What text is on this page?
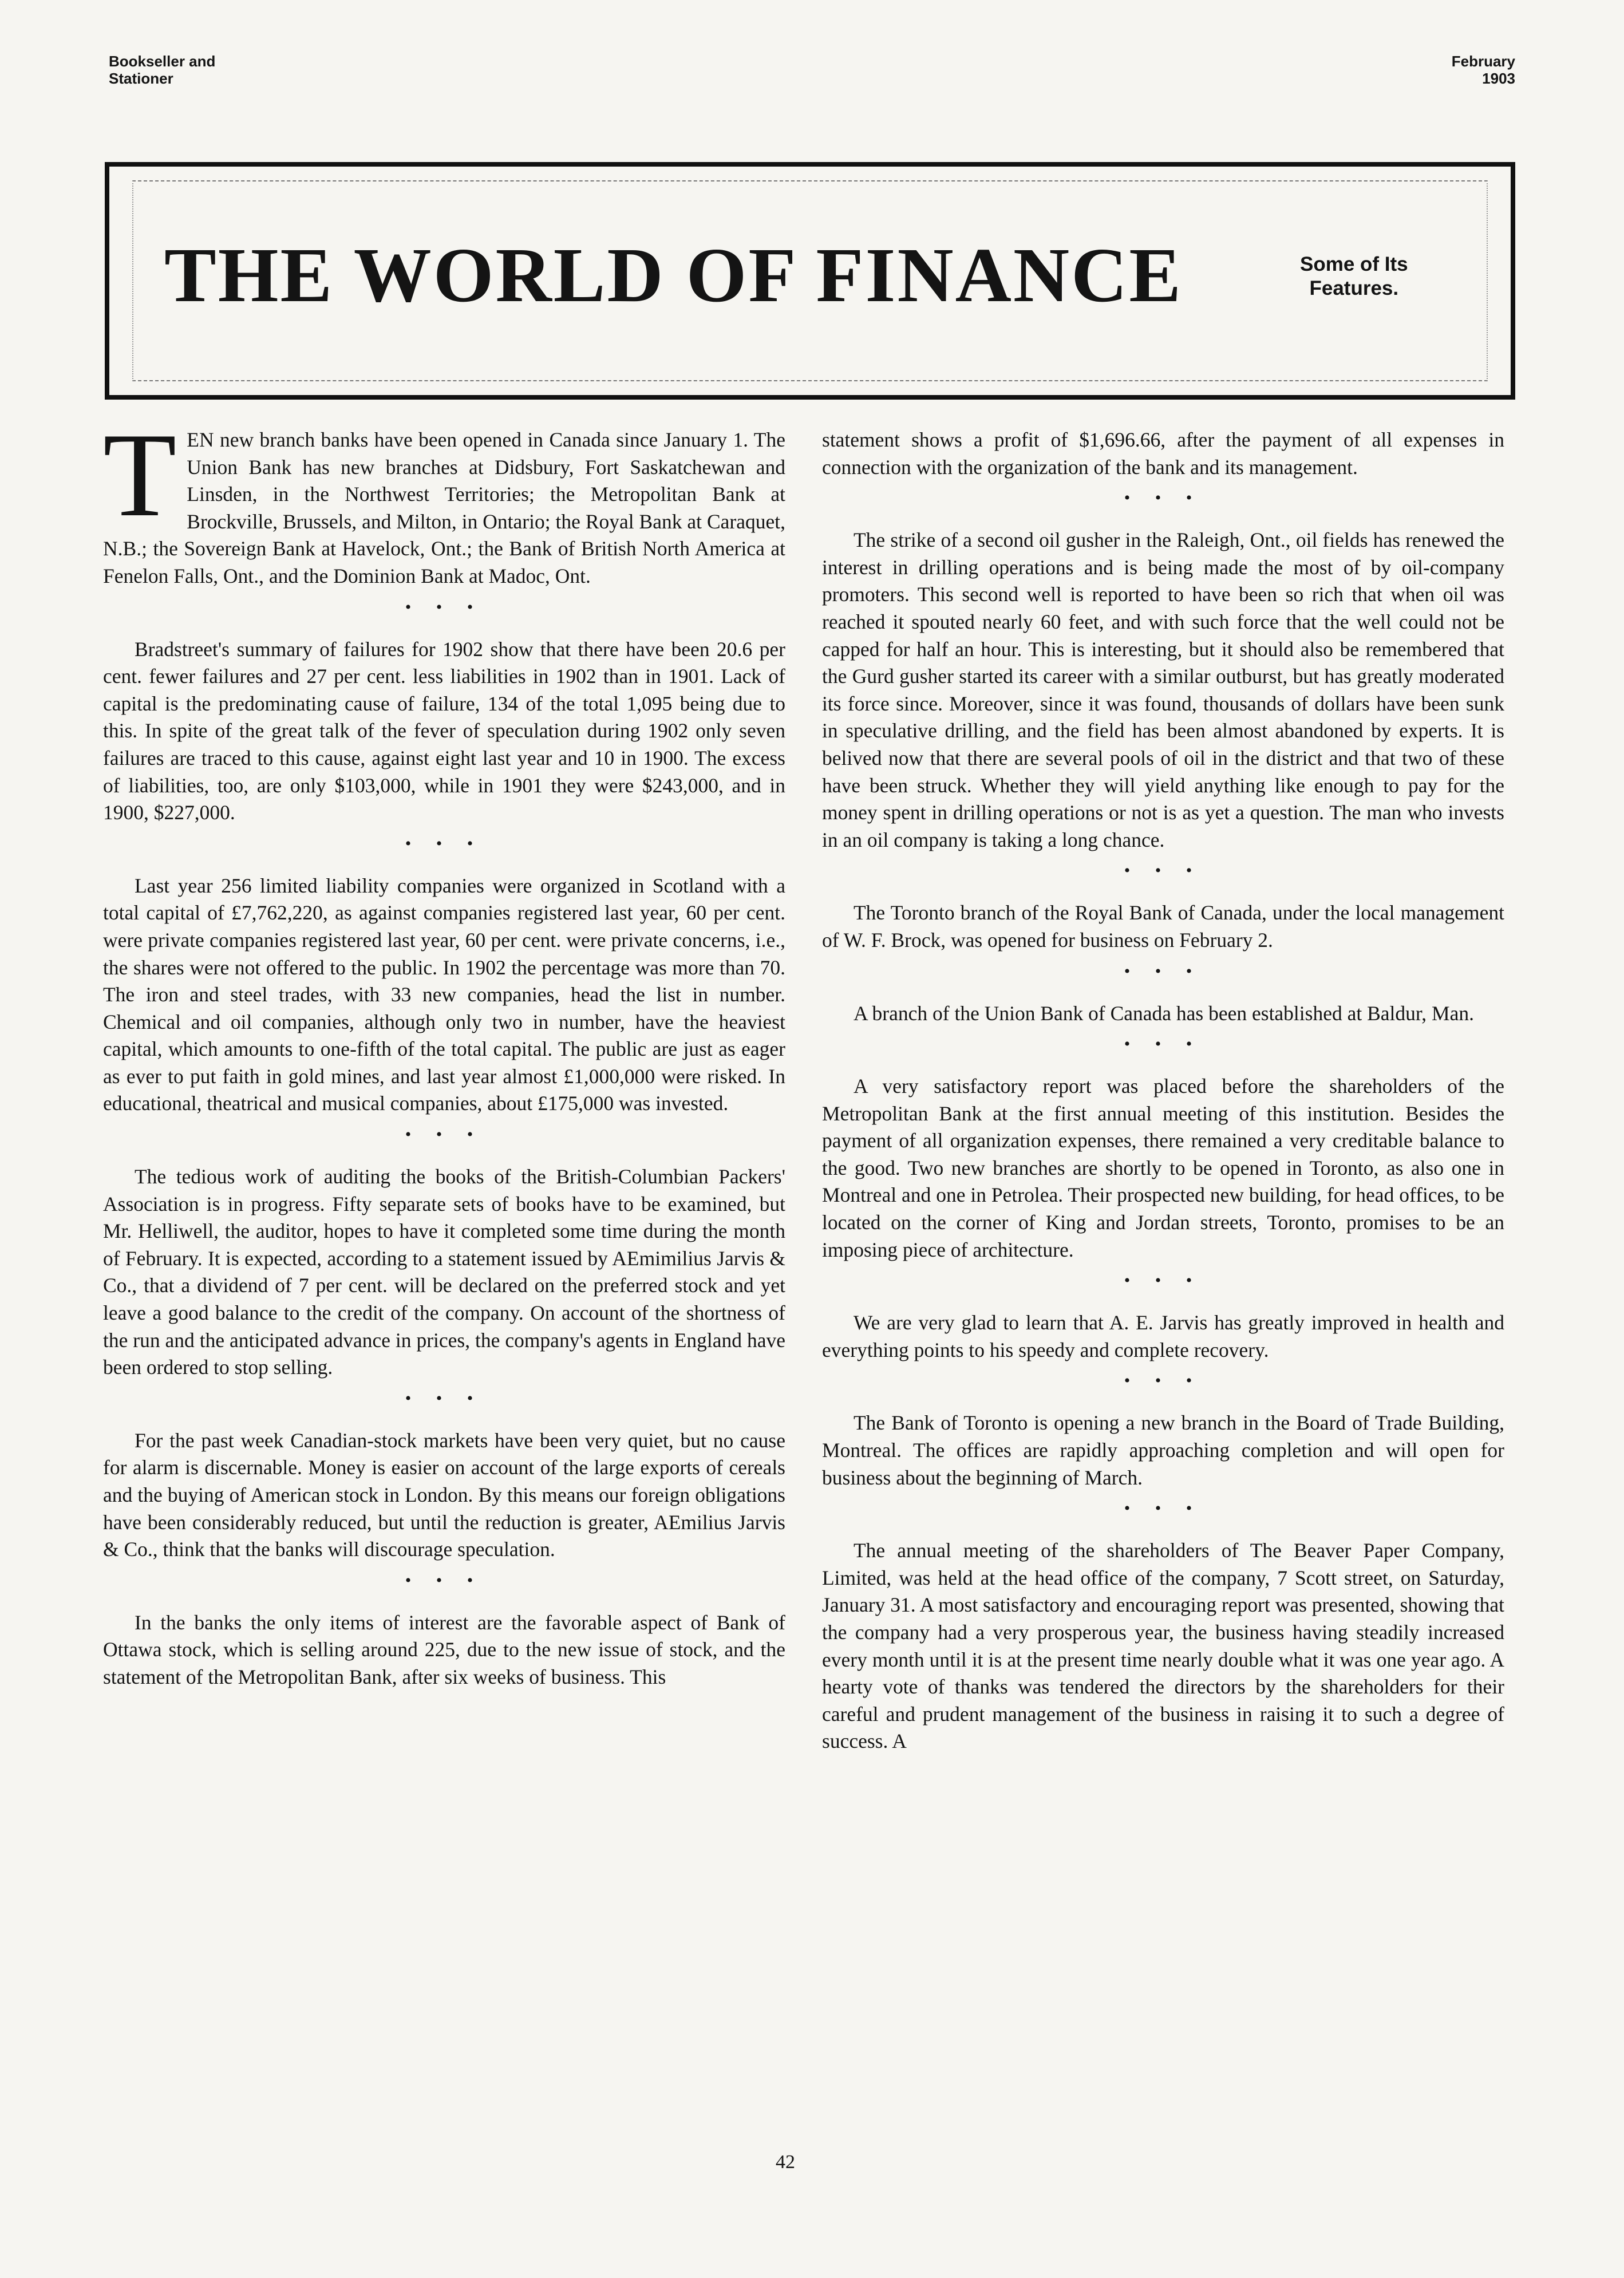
Bookseller and
Stationer
February
1903
THE WORLD OF FINANCE	Some of Its
Features.

TEN new branch banks have been opened in Canada since January 1. The Union Bank has new branches at Didsbury, Fort Saskatchewan and Linsden, in the Northwest Territories; the Metropolitan Bank at Brockville, Brussels, and Milton, in Ontario; the Royal Bank at Caraquet, N.B.; the Sovereign Bank at Havelock, Ont.; the Bank of British North America at Fenelon Falls, Ont., and the Dominion Bank at Madoc, Ont.

• • •

Bradstreet's summary of failures for 1902 show that there have been 20.6 per cent. fewer failures and 27 per cent. less liabilities in 1902 than in 1901. Lack of capital is the predominating cause of failure, 134 of the total 1,095 being due to this. In spite of the great talk of the fever of speculation during 1902 only seven failures are traced to this cause, against eight last year and 10 in 1900. The excess of liabilities, too, are only $103,000, while in 1901 they were $243,000, and in 1900, $227,000.

• • •

Last year 256 limited liability companies were organized in Scotland with a total capital of £7,762,220, as against companies registered last year, 60 per cent. were private companies registered last year, 60 per cent. were private concerns, i.e., the shares were not offered to the public. In 1902 the percentage was more than 70. The iron and steel trades, with 33 new companies, head the list in number. Chemical and oil companies, although only two in number, have the heaviest capital, which amounts to one-fifth of the total capital. The public are just as eager as ever to put faith in gold mines, and last year almost £1,000,000 were risked. In educational, theatrical and musical companies, about £175,000 was invested.

• • •

The tedious work of auditing the books of the British-Columbian Packers' Association is in progress. Fifty separate sets of books have to be examined, but Mr. Helliwell, the auditor, hopes to have it completed some time during the month of February. It is expected, according to a statement issued by AEmimilius Jarvis & Co., that a dividend of 7 per cent. will be declared on the preferred stock and yet leave a good balance to the credit of the company. On account of the shortness of the run and the anticipated advance in prices, the company's agents in England have been ordered to stop selling.

• • •

For the past week Canadian-stock markets have been very quiet, but no cause for alarm is discernable. Money is easier on account of the large exports of cereals and the buying of American stock in London. By this means our foreign obligations have been considerably reduced, but until the reduction is greater, AEmilius Jarvis & Co., think that the banks will discourage speculation.

• • •

In the banks the only items of interest are the favorable aspect of Bank of Ottawa stock, which is selling around 225, due to the new issue of stock, and the statement of the Metropolitan Bank, after six weeks of business. This

statement shows a profit of $1,696.66, after the payment of all expenses in connection with the organization of the bank and its management.

• • •

The strike of a second oil gusher in the Raleigh, Ont., oil fields has renewed the interest in drilling operations and is being made the most of by oil-company promoters. This second well is reported to have been so rich that when oil was reached it spouted nearly 60 feet, and with such force that the well could not be capped for half an hour. This is interesting, but it should also be remembered that the Gurd gusher started its career with a similar outburst, but has greatly moderated its force since. Moreover, since it was found, thousands of dollars have been sunk in speculative drilling, and the field has been almost abandoned by experts. It is belived now that there are several pools of oil in the district and that two of these have been struck. Whether they will yield anything like enough to pay for the money spent in drilling operations or not is as yet a question. The man who invests in an oil company is taking a long chance.

• • •

The Toronto branch of the Royal Bank of Canada, under the local management of W. F. Brock, was opened for business on February 2.

• • •

A branch of the Union Bank of Canada has been established at Baldur, Man.

• • •

A very satisfactory report was placed before the shareholders of the Metropolitan Bank at the first annual meeting of this institution. Besides the payment of all organization expenses, there remained a very creditable balance to the good. Two new branches are shortly to be opened in Toronto, as also one in Montreal and one in Petrolea. Their prospected new building, for head offices, to be located on the corner of King and Jordan streets, Toronto, promises to be an imposing piece of architecture.

• • •

We are very glad to learn that A. E. Jarvis has greatly improved in health and everything points to his speedy and complete recovery.

• • •

The Bank of Toronto is opening a new branch in the Board of Trade Building, Montreal. The offices are rapidly approaching completion and will open for business about the beginning of March.

• • •

The annual meeting of the shareholders of The Beaver Paper Company, Limited, was held at the head office of the company, 7 Scott street, on Saturday, January 31. A most satisfactory and encouraging report was presented, showing that the company had a very prosperous year, the business having steadily increased every month until it is at the present time nearly double what it was one year ago. A hearty vote of thanks was tendered the directors by the shareholders for their careful and prudent management of the business in raising it to such a degree of success. A

42
